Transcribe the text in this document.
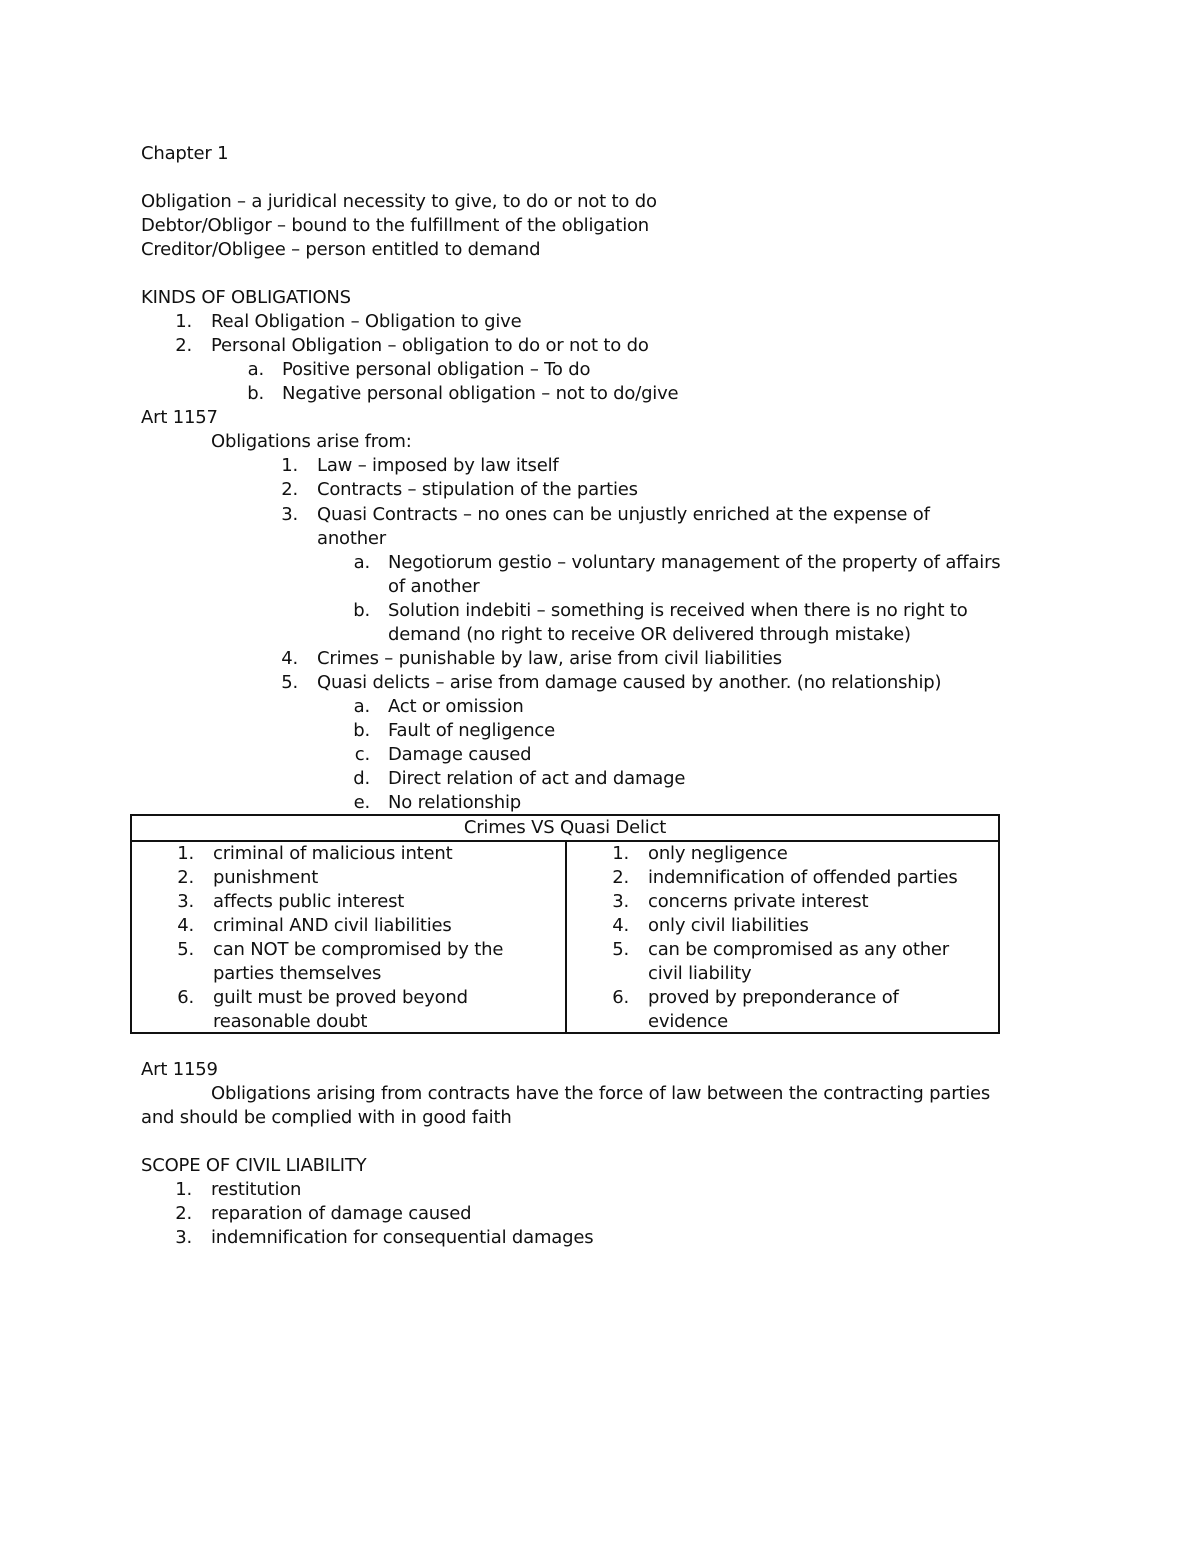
Chapter 1
Obligation – a juridical necessity to give, to do or not to do
Debtor/Obligor – bound to the fulfillment of the obligation
Creditor/Obligee – person entitled to demand
KINDS OF OBLIGATIONS
1. Real Obligation – Obligation to give
2. Personal Obligation – obligation to do or not to do
a. Positive personal obligation – To do
b. Negative personal obligation – not to do/give
Art 1157
Obligations arise from:
1. Law – imposed by law itself
2. Contracts – stipulation of the parties
3. Quasi Contracts – no ones can be unjustly enriched at the expense of
another
a. Negotiorum gestio – voluntary management of the property of affairs
of another
b. Solution indebiti – something is received when there is no right to
demand (no right to receive OR delivered through mistake)
4. Crimes – punishable by law, arise from civil liabilities
5. Quasi delicts – arise from damage caused by another. (no relationship)
a. Act or omission
b. Fault of negligence
c. Damage caused
d. Direct relation of act and damage
e. No relationship
Crimes VS Quasi Delict
1. criminal of malicious intent
2. punishment
3. affects public interest
4. criminal AND civil liabilities
5. can NOT be compromised by the
parties themselves
6. guilt must be proved beyond
reasonable doubt
1. only negligence
2. indemnification of offended parties
3. concerns private interest
4. only civil liabilities
5. can be compromised as any other
civil liability
6. proved by preponderance of
evidence
Art 1159
Obligations arising from contracts have the force of law between the contracting parties
and should be complied with in good faith
SCOPE OF CIVIL LIABILITY
1. restitution
2. reparation of damage caused
3. indemnification for consequential damages
